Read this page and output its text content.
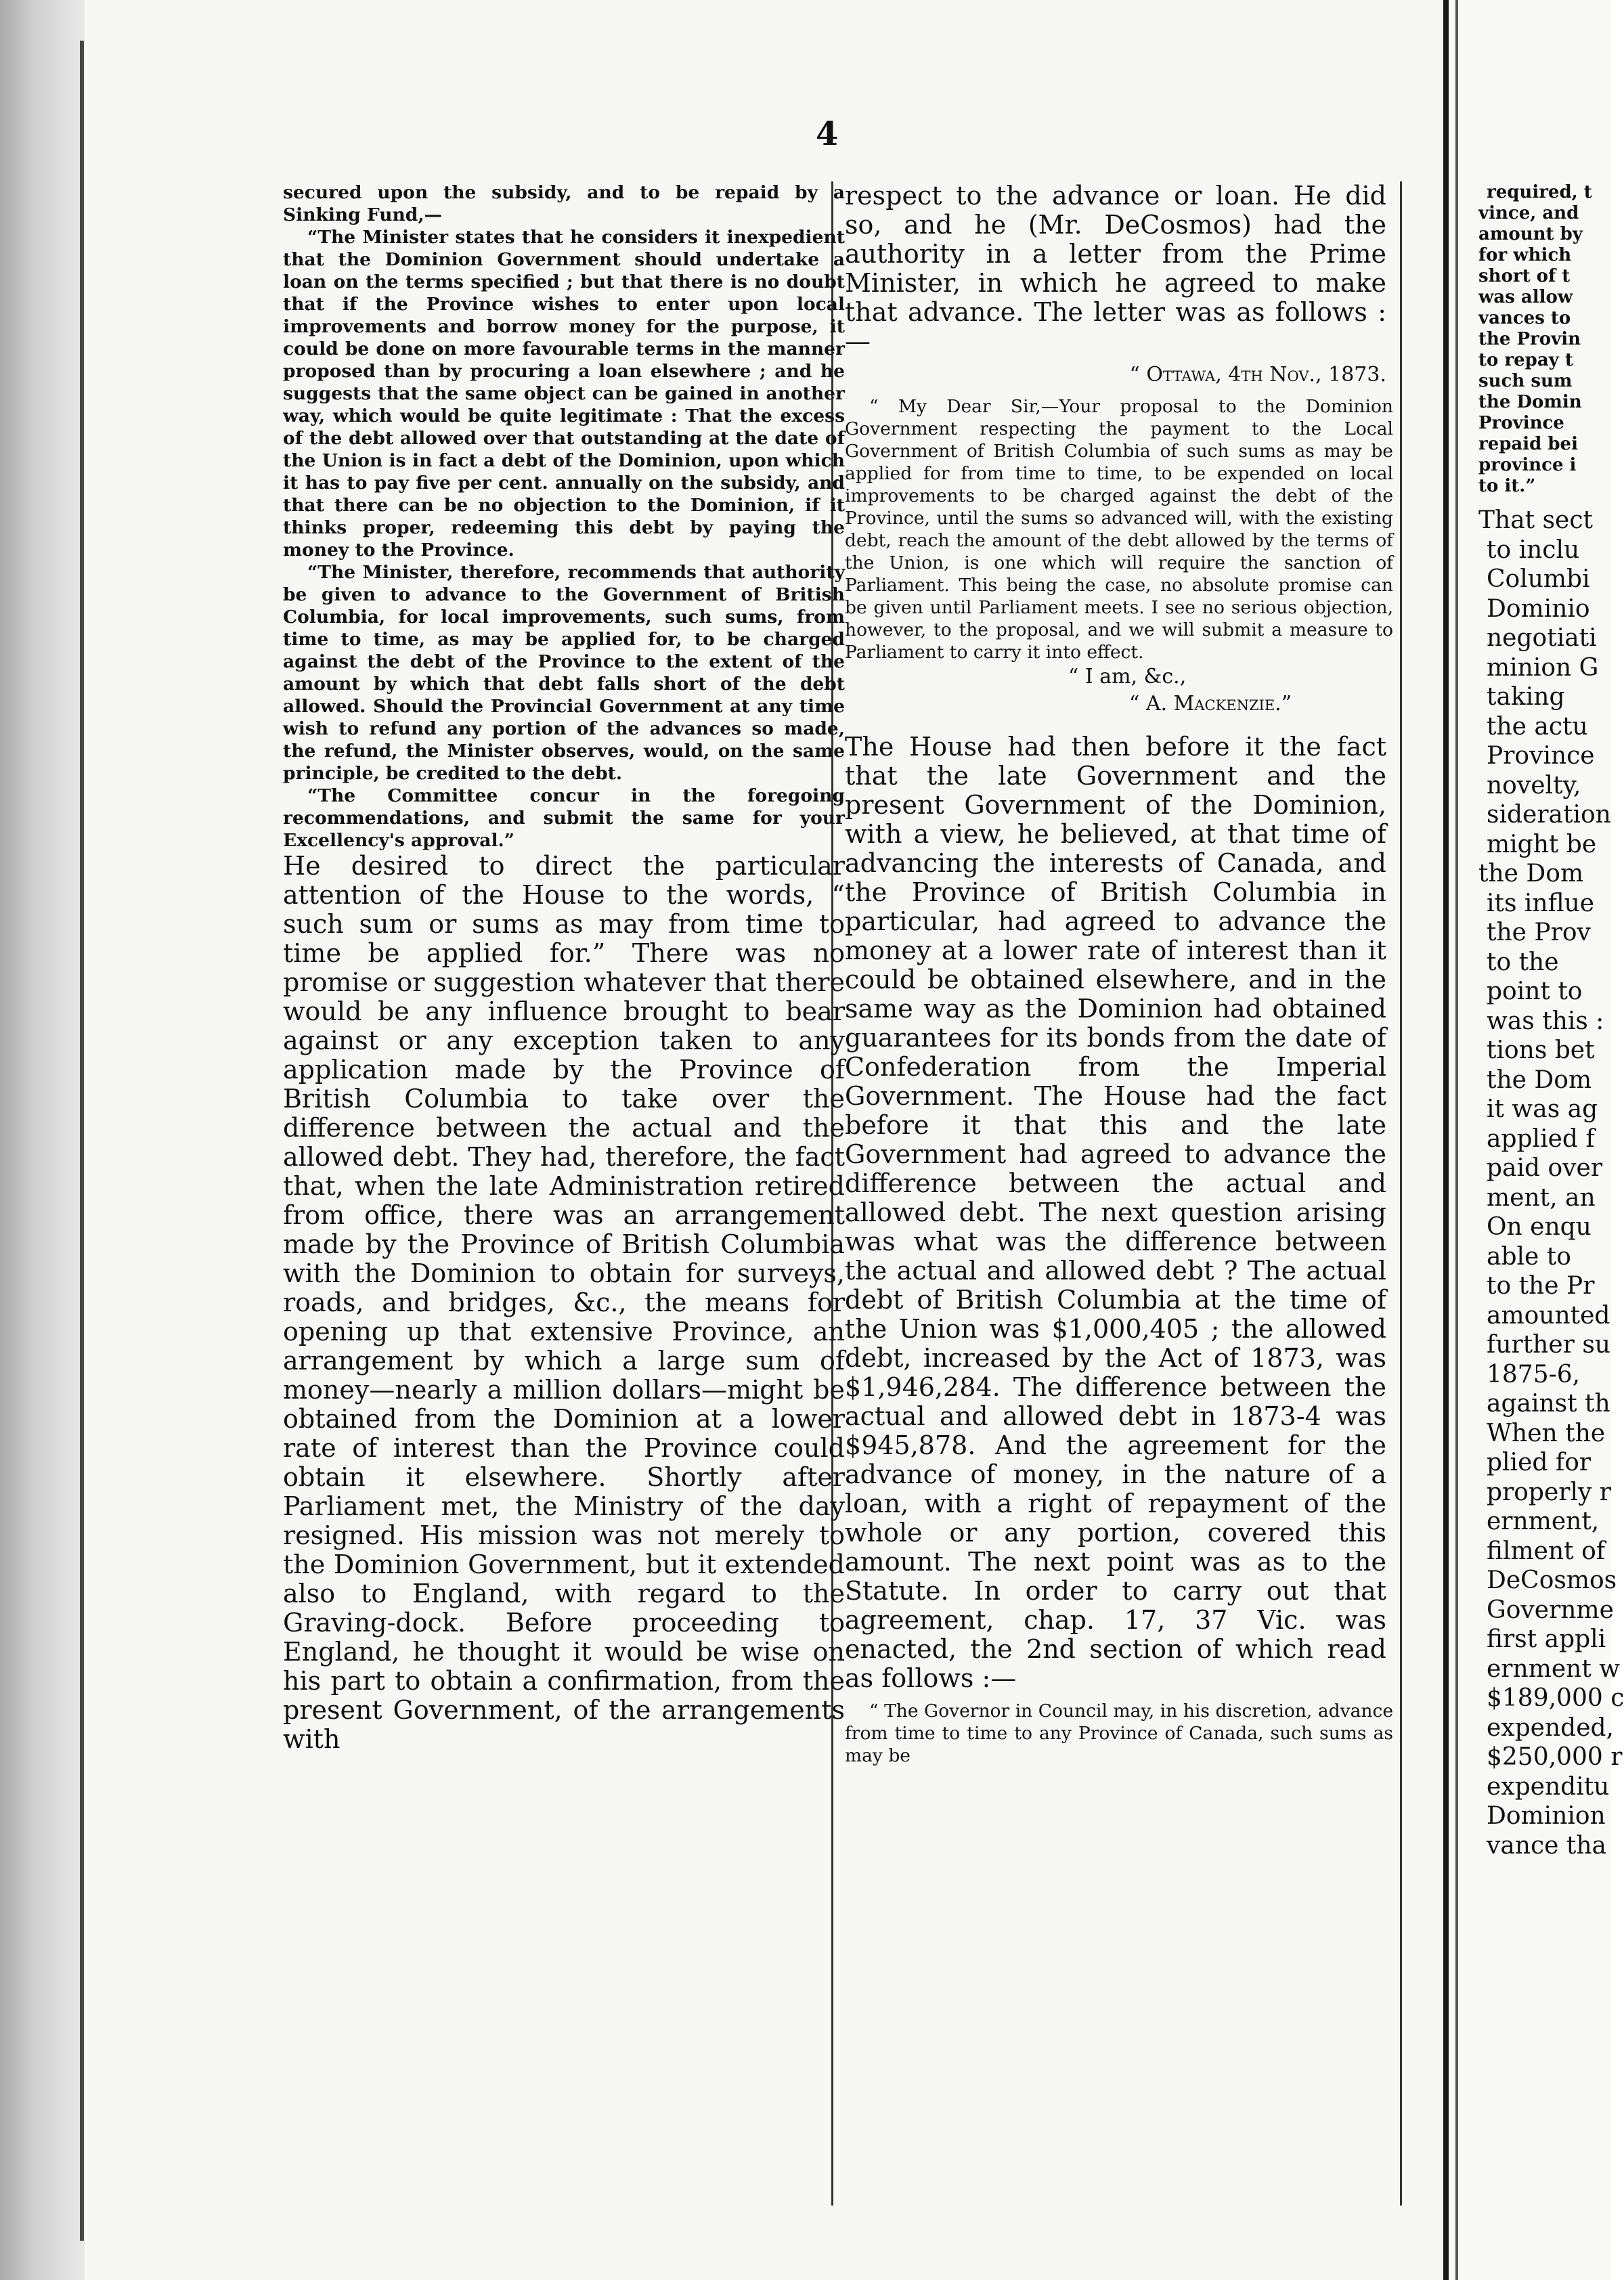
4

secured upon the subsidy, and to be repaid by a Sinking Fund,—

“The Minister states that he considers it inexpedient that the Dominion Government should undertake a loan on the terms specified ; but that there is no doubt that if the Province wishes to enter upon local improvements and borrow money for the purpose, it could be done on more favourable terms in the manner proposed than by procuring a loan elsewhere ; and he suggests that the same object can be gained in another way, which would be quite legitimate : That the excess of the debt allowed over that outstanding at the date of the Union is in fact a debt of the Dominion, upon which it has to pay five per cent. annually on the subsidy, and that there can be no objection to the Dominion, if it thinks proper, redeeming this debt by paying the money to the Province.

“The Minister, therefore, recommends that authority be given to advance to the Government of British Columbia, for local improvements, such sums, from time to time, as may be applied for, to be charged against the debt of the Province to the extent of the amount by which that debt falls short of the debt allowed. Should the Provincial Government at any time wish to refund any portion of the advances so made, the refund, the Minister observes, would, on the same principle, be credited to the debt.

“The Committee concur in the foregoing recommendations, and submit the same for your Excellency's approval.”

He desired to direct the particular attention of the House to the words, “ such sum or sums as may from time to time be applied for.” There was no promise or suggestion whatever that there would be any influence brought to bear against or any exception taken to any application made by the Province of British Columbia to take over the difference between the actual and the allowed debt. They had, therefore, the fact that, when the late Administration retired from office, there was an arrangement made by the Province of British Columbia with the Dominion to obtain for surveys, roads, and bridges, &c., the means for opening up that extensive Province, an arrangement by which a large sum of money—nearly a million dollars—might be obtained from the Dominion at a lower rate of interest than the Province could obtain it elsewhere. Shortly after Parliament met, the Ministry of the day resigned. His mission was not merely to the Dominion Government, but it extended also to England, with regard to the Graving-dock. Before proceeding to England, he thought it would be wise on his part to obtain a confirmation, from the present Government, of the arrangements with

respect to the advance or loan. He did so, and he (Mr. DeCosmos) had the authority in a letter from the Prime Minister, in which he agreed to make that advance. The letter was as follows :—

“ Ottawa, 4th Nov., 1873.

“ My Dear Sir,—Your proposal to the Dominion Government respecting the payment to the Local Government of British Columbia of such sums as may be applied for from time to time, to be expended on local improvements to be charged against the debt of the Province, until the sums so advanced will, with the existing debt, reach the amount of the debt allowed by the terms of the Union, is one which will require the sanction of Parliament. This being the case, no absolute promise can be given until Parliament meets. I see no serious objection, however, to the proposal, and we will submit a measure to Parliament to carry it into effect.

“ I am, &c.,

“ A. Mackenzie.”

The House had then before it the fact that the late Government and the present Government of the Dominion, with a view, he believed, at that time of advancing the interests of Canada, and the Province of British Columbia in particular, had agreed to advance the money at a lower rate of interest than it could be obtained elsewhere, and in the same way as the Dominion had obtained guarantees for its bonds from the date of Confederation from the Imperial Government. The House had the fact before it that this and the late Government had agreed to advance the difference between the actual and allowed debt. The next question arising was what was the difference between the actual and allowed debt ? The actual debt of British Columbia at the time of the Union was $1,000,405 ; the allowed debt, increased by the Act of 1873, was $1,946,284. The difference between the actual and allowed debt in 1873-4 was $945,878. And the agreement for the advance of money, in the nature of a loan, with a right of repayment of the whole or any portion, covered this amount. The next point was as to the Statute. In order to carry out that agreement, chap. 17, 37 Vic. was enacted, the 2nd section of which read as follows :—

“ The Governor in Council may, in his discretion, advance from time to time to any Province of Canada, such sums as may be

required, t
vince, and
amount by
for which
short of t
was allow
vances to
the Provin
to repay t
such sum
the Domin
Province
repaid bei
province i
to it.”
That sect
to inclu
Columbi
Dominio
negotiati
minion G
taking
the actu
Province
novelty,
sideration
might be
the Dom
its influe
the Prov
to the
point to
was this :
tions bet
the Dom
it was ag
applied f
paid over
ment, an
On enqu
able to
to the Pr
amounted
further su
1875-6,
against th
When the
plied for
properly r
ernment,
filment of
DeCosmos
Governme
first appli
ernment w
$189,000 c
expended,
$250,000 r
expenditu
Dominion
vance tha
